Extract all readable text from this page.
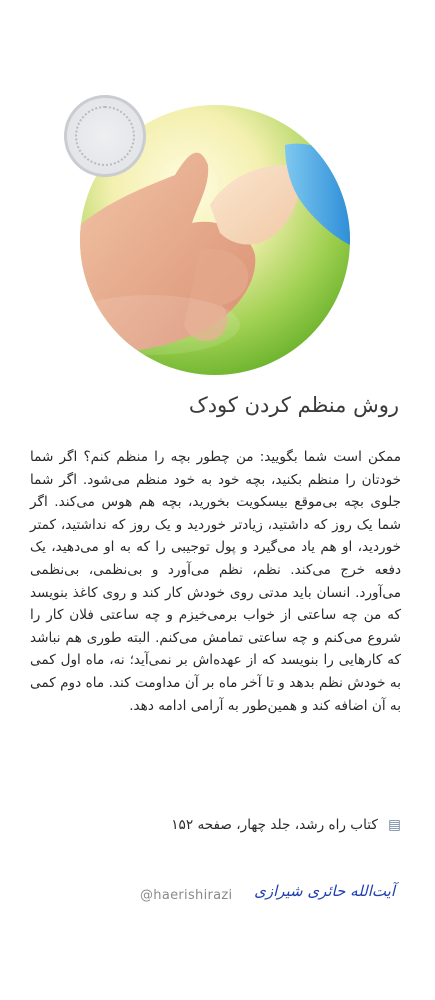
روش منظم کردن کودک
ممکن است شما بگویید: من چطور بچه را منظم کنم؟ اگر شما خودتان را منظم بکنید، بچه خود به خود منظم می‌شود. اگر شما جلوی بچه بی‌موقع بیسکویت بخورید، بچه هم هوس می‌کند. اگر شما یک روز که داشتید، زیادتر خوردید و یک روز که نداشتید، کمتر خوردید، او هم یاد می‌گیرد و پول توجیبی را که به او می‌دهید، یک دفعه خرج می‌کند. نظم، نظم می‌آورد و بی‌نظمی، بی‌نظمی می‌آورد. انسان باید مدتی روی خودش کار کند و روی کاغذ بنویسد که من چه ساعتی از خواب برمی‌خیزم و چه ساعتی فلان کار را شروع می‌کنم و چه ساعتی تمامش می‌کنم. البته طوری هم نباشد که کارهایی را بنویسد که از عهده‌اش بر نمی‌آید؛ نه، ماه اول کمی به خودش نظم بدهد و تا آخر ماه بر آن مداومت کند. ماه دوم کمی به آن اضافه کند و همین‌طور به آرامی ادامه دهد.
▤ کتاب راه رشد، جلد چهار، صفحه ۱۵۲
@haerishirazi آیت‌الله حائری شیرازی
